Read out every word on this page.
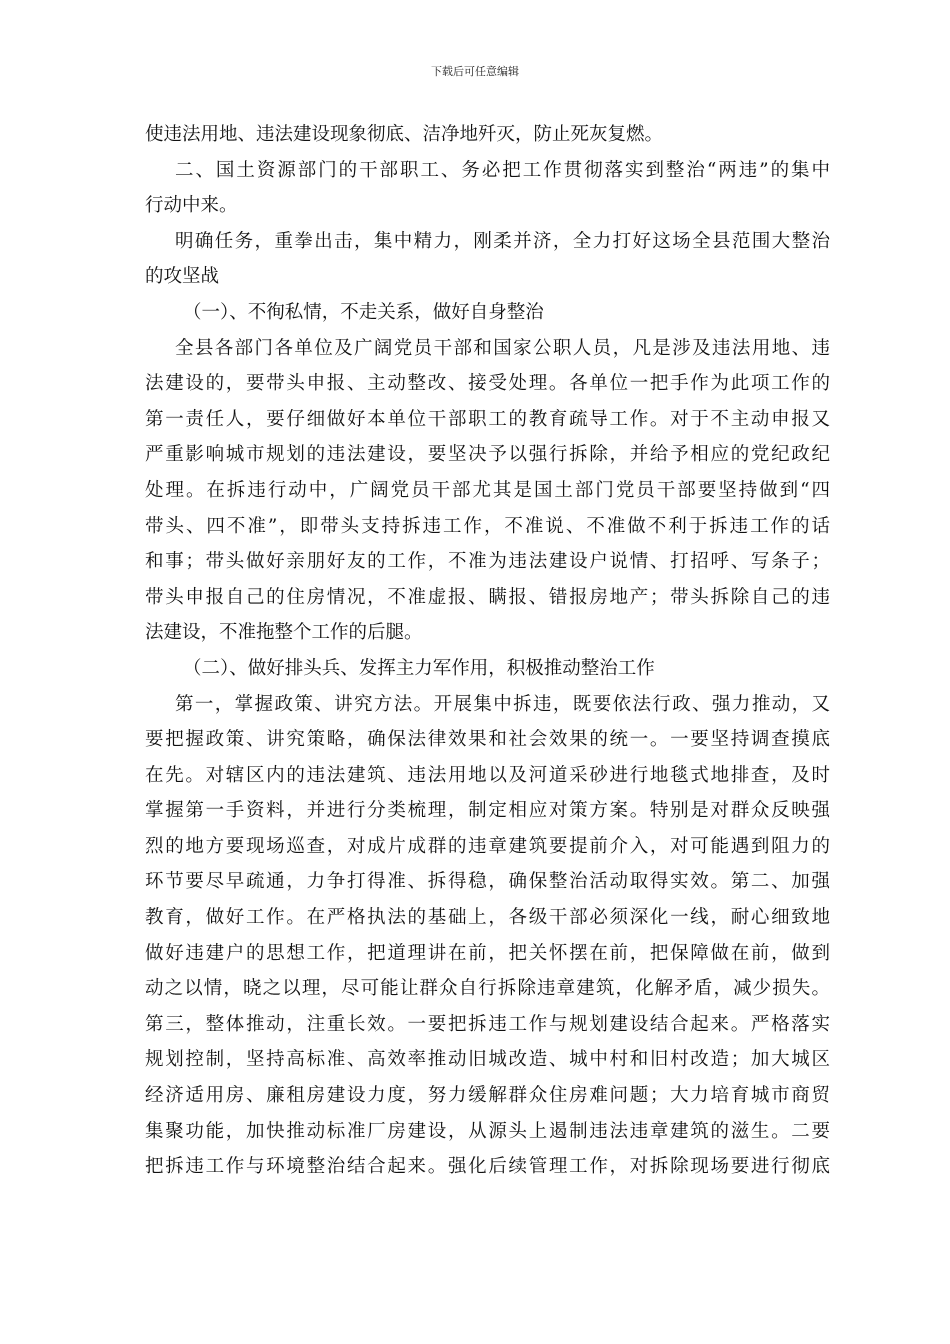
下载后可任意编辑
使违法用地、违法建设现象彻底、洁净地歼灭，防止死灰复燃。
二、国土资源部门的干部职工、务必把工作贯彻落实到整治“两违”的集中
行动中来。
明确任务，重拳出击，集中精力，刚柔并济，全力打好这场全县范围大整治
的攻坚战
（一）、不徇私情，不走关系，做好自身整治
全县各部门各单位及广阔党员干部和国家公职人员，凡是涉及违法用地、违
法建设的，要带头申报、主动整改、接受处理。各单位一把手作为此项工作的
第一责任人，要仔细做好本单位干部职工的教育疏导工作。对于不主动申报又
严重影响城市规划的违法建设，要坚决予以强行拆除，并给予相应的党纪政纪
处理。在拆违行动中，广阔党员干部尤其是国土部门党员干部要坚持做到“四
带头、四不准”，即带头支持拆违工作，不准说、不准做不利于拆违工作的话
和事；带头做好亲朋好友的工作，不准为违法建设户说情、打招呼、写条子；
带头申报自己的住房情况，不准虚报、瞒报、错报房地产；带头拆除自己的违
法建设，不准拖整个工作的后腿。
（二）、做好排头兵、发挥主力军作用，积极推动整治工作
第一，掌握政策、讲究方法。开展集中拆违，既要依法行政、强力推动，又
要把握政策、讲究策略，确保法律效果和社会效果的统一。一要坚持调查摸底
在先。对辖区内的违法建筑、违法用地以及河道采砂进行地毯式地排查，及时
掌握第一手资料，并进行分类梳理，制定相应对策方案。特别是对群众反映强
烈的地方要现场巡查，对成片成群的违章建筑要提前介入，对可能遇到阻力的
环节要尽早疏通，力争打得准、拆得稳，确保整治活动取得实效。第二、加强
教育，做好工作。在严格执法的基础上，各级干部必须深化一线，耐心细致地
做好违建户的思想工作，把道理讲在前，把关怀摆在前，把保障做在前，做到
动之以情，晓之以理，尽可能让群众自行拆除违章建筑，化解矛盾，减少损失。
第三，整体推动，注重长效。一要把拆违工作与规划建设结合起来。严格落实
规划控制，坚持高标准、高效率推动旧城改造、城中村和旧村改造；加大城区
经济适用房、廉租房建设力度，努力缓解群众住房难问题；大力培育城市商贸
集聚功能，加快推动标准厂房建设，从源头上遏制违法违章建筑的滋生。二要
把拆违工作与环境整治结合起来。强化后续管理工作，对拆除现场要进行彻底
